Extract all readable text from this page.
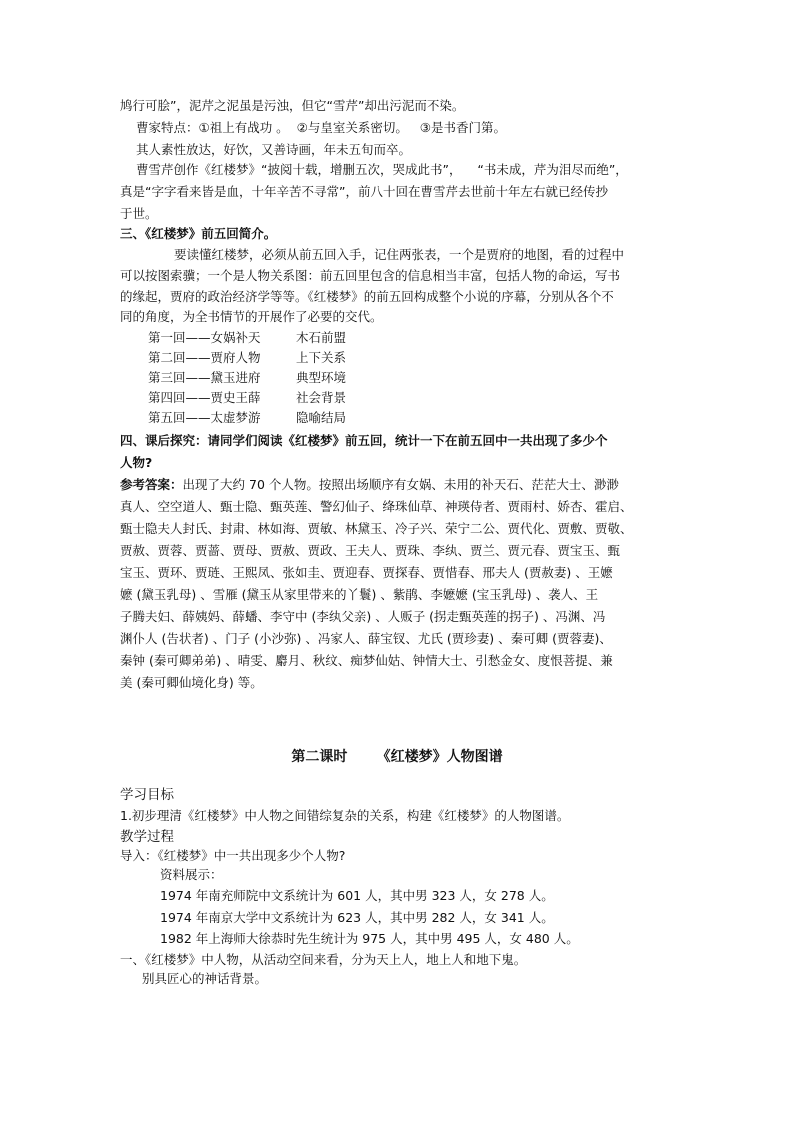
鸠行可脍”，泥芹之泥虽是污浊，但它“雪芹”却出污泥而不染。
曹家特点：①祖上有战功 。  ②与皇室关系密切。   ③是书香门第。
其人素性放达，好饮，又善诗画，年未五旬而卒。
曹雪芹创作《红楼梦》“披阅十载，增删五次，哭成此书”，    “书未成，芹为泪尽而绝”，
真是“字字看来皆是血，十年辛苦不寻常”，前八十回在曹雪芹去世前十年左右就已经传抄
于世。
三、《红楼梦》前五回简介。
要读懂红楼梦，必须从前五回入手，记住两张表，一个是贾府的地图，看的过程中
可以按图索骥；一个是人物关系图：前五回里包含的信息相当丰富，包括人物的命运，写书
的缘起，贾府的政治经济学等等。《红楼梦》的前五回构成整个小说的序幕，分别从各个不
同的角度，为全书情节的开展作了必要的交代。
第一回——女娲补天	木石前盟
第二回——贾府人物	上下关系
第三回——黛玉进府	典型环境
第四回——贾史王薛	社会背景
第五回——太虚梦游	隐喻结局
四、课后探究：请同学们阅读《红楼梦》前五回，统计一下在前五回中一共出现了多少个
人物?
参考答案：出现了大约 70 个人物。按照出场顺序有女娲、未用的补天石、茫茫大士、渺渺
真人、空空道人、甄士隐、甄英莲、警幻仙子、绛珠仙草、神瑛侍者、贾雨村、娇杏、霍启、
甄士隐夫人封氏、封肃、林如海、贾敏、林黛玉、冷子兴、荣宁二公、贾代化、贾敷、贾敬、
贾赦、贾蓉、贾蔷、贾母、贾赦、贾政、王夫人、贾珠、李纨、贾兰、贾元春、贾宝玉、甄
宝玉、贾环、贾琏、王熙凤、张如圭、贾迎春、贾探春、贾惜春、邢夫人 (贾赦妻) 、王嬷
嬷 (黛玉乳母) 、雪雁 (黛玉从家里带来的丫鬟) 、紫鹃、李嬷嬷 (宝玉乳母) 、袭人、王
子腾夫妇、薛姨妈、薛蟠、李守中 (李纨父亲) 、人贩子 (拐走甄英莲的拐子) 、冯渊、冯
渊仆人 (告状者) 、门子 (小沙弥) 、冯家人、薛宝钗、尤氏 (贾珍妻) 、秦可卿 (贾蓉妻)、
秦钟 (秦可卿弟弟) 、晴雯、麝月、秋纹、痴梦仙姑、钟情大士、引愁金女、度恨菩提、兼
美 (秦可卿仙境化身) 等。
第二课时      《红楼梦》人物图谱
学习目标
1.初步理清《红楼梦》中人物之间错综复杂的关系，构建《红楼梦》的人物图谱。
教学过程
导入：《红楼梦》中一共出现多少个人物?
资料展示：
1974 年南充师院中文系统计为 601 人，其中男 323 人，女 278 人。
1974 年南京大学中文系统计为 623 人，其中男 282 人，女 341 人。
1982 年上海师大徐恭时先生统计为 975 人，其中男 495 人，女 480 人。
一、《红楼梦》中人物，从活动空间来看，分为天上人，地上人和地下鬼。
别具匠心的神话背景。
